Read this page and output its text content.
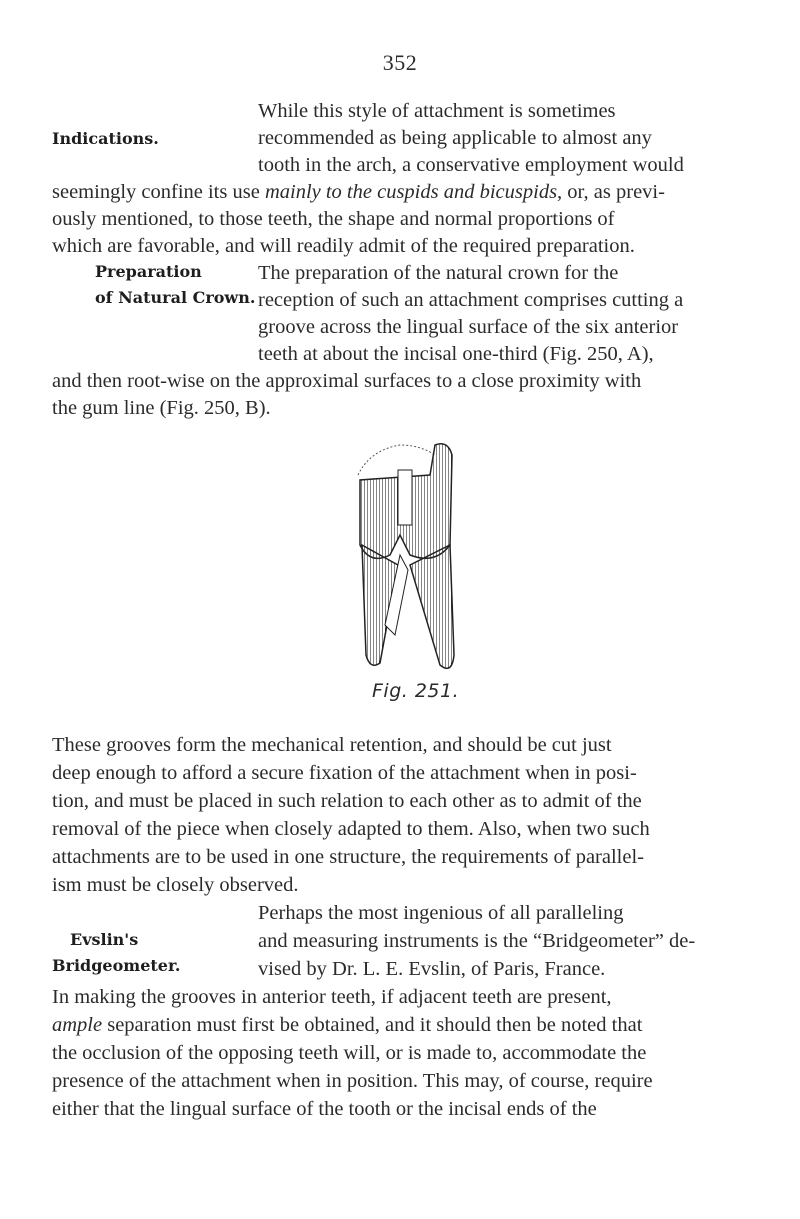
352
Indications.
While this style of attachment is sometimes
recommended as being applicable to almost any
tooth in the arch, a conservative employment would
seemingly confine its use mainly to the cuspids and bicuspids, or, as previ-
ously mentioned, to those teeth, the shape and normal proportions of
which are favorable, and will readily admit of the required preparation.
Preparation
of Natural Crown.
The preparation of the natural crown for the
reception of such an attachment comprises cutting a
groove across the lingual surface of the six anterior
teeth at about the incisal one-third (Fig. 250, A),
and then root-wise on the approximal surfaces to a close proximity with
the gum line (Fig. 250, B).
Fig. 251.
These grooves form the mechanical retention, and should be cut just
deep enough to afford a secure fixation of the attachment when in posi-
tion, and must be placed in such relation to each other as to admit of the
removal of the piece when closely adapted to them. Also, when two such
attachments are to be used in one structure, the requirements of parallel-
ism must be closely observed.
Evslin's
Bridgeometer.
Perhaps the most ingenious of all paralleling
and measuring instruments is the “Bridgeometer” de-
vised by Dr. L. E. Evslin, of Paris, France.
In making the grooves in anterior teeth, if adjacent teeth are present,
ample separation must first be obtained, and it should then be noted that
the occlusion of the opposing teeth will, or is made to, accommodate the
presence of the attachment when in position. This may, of course, require
either that the lingual surface of the tooth or the incisal ends of the
